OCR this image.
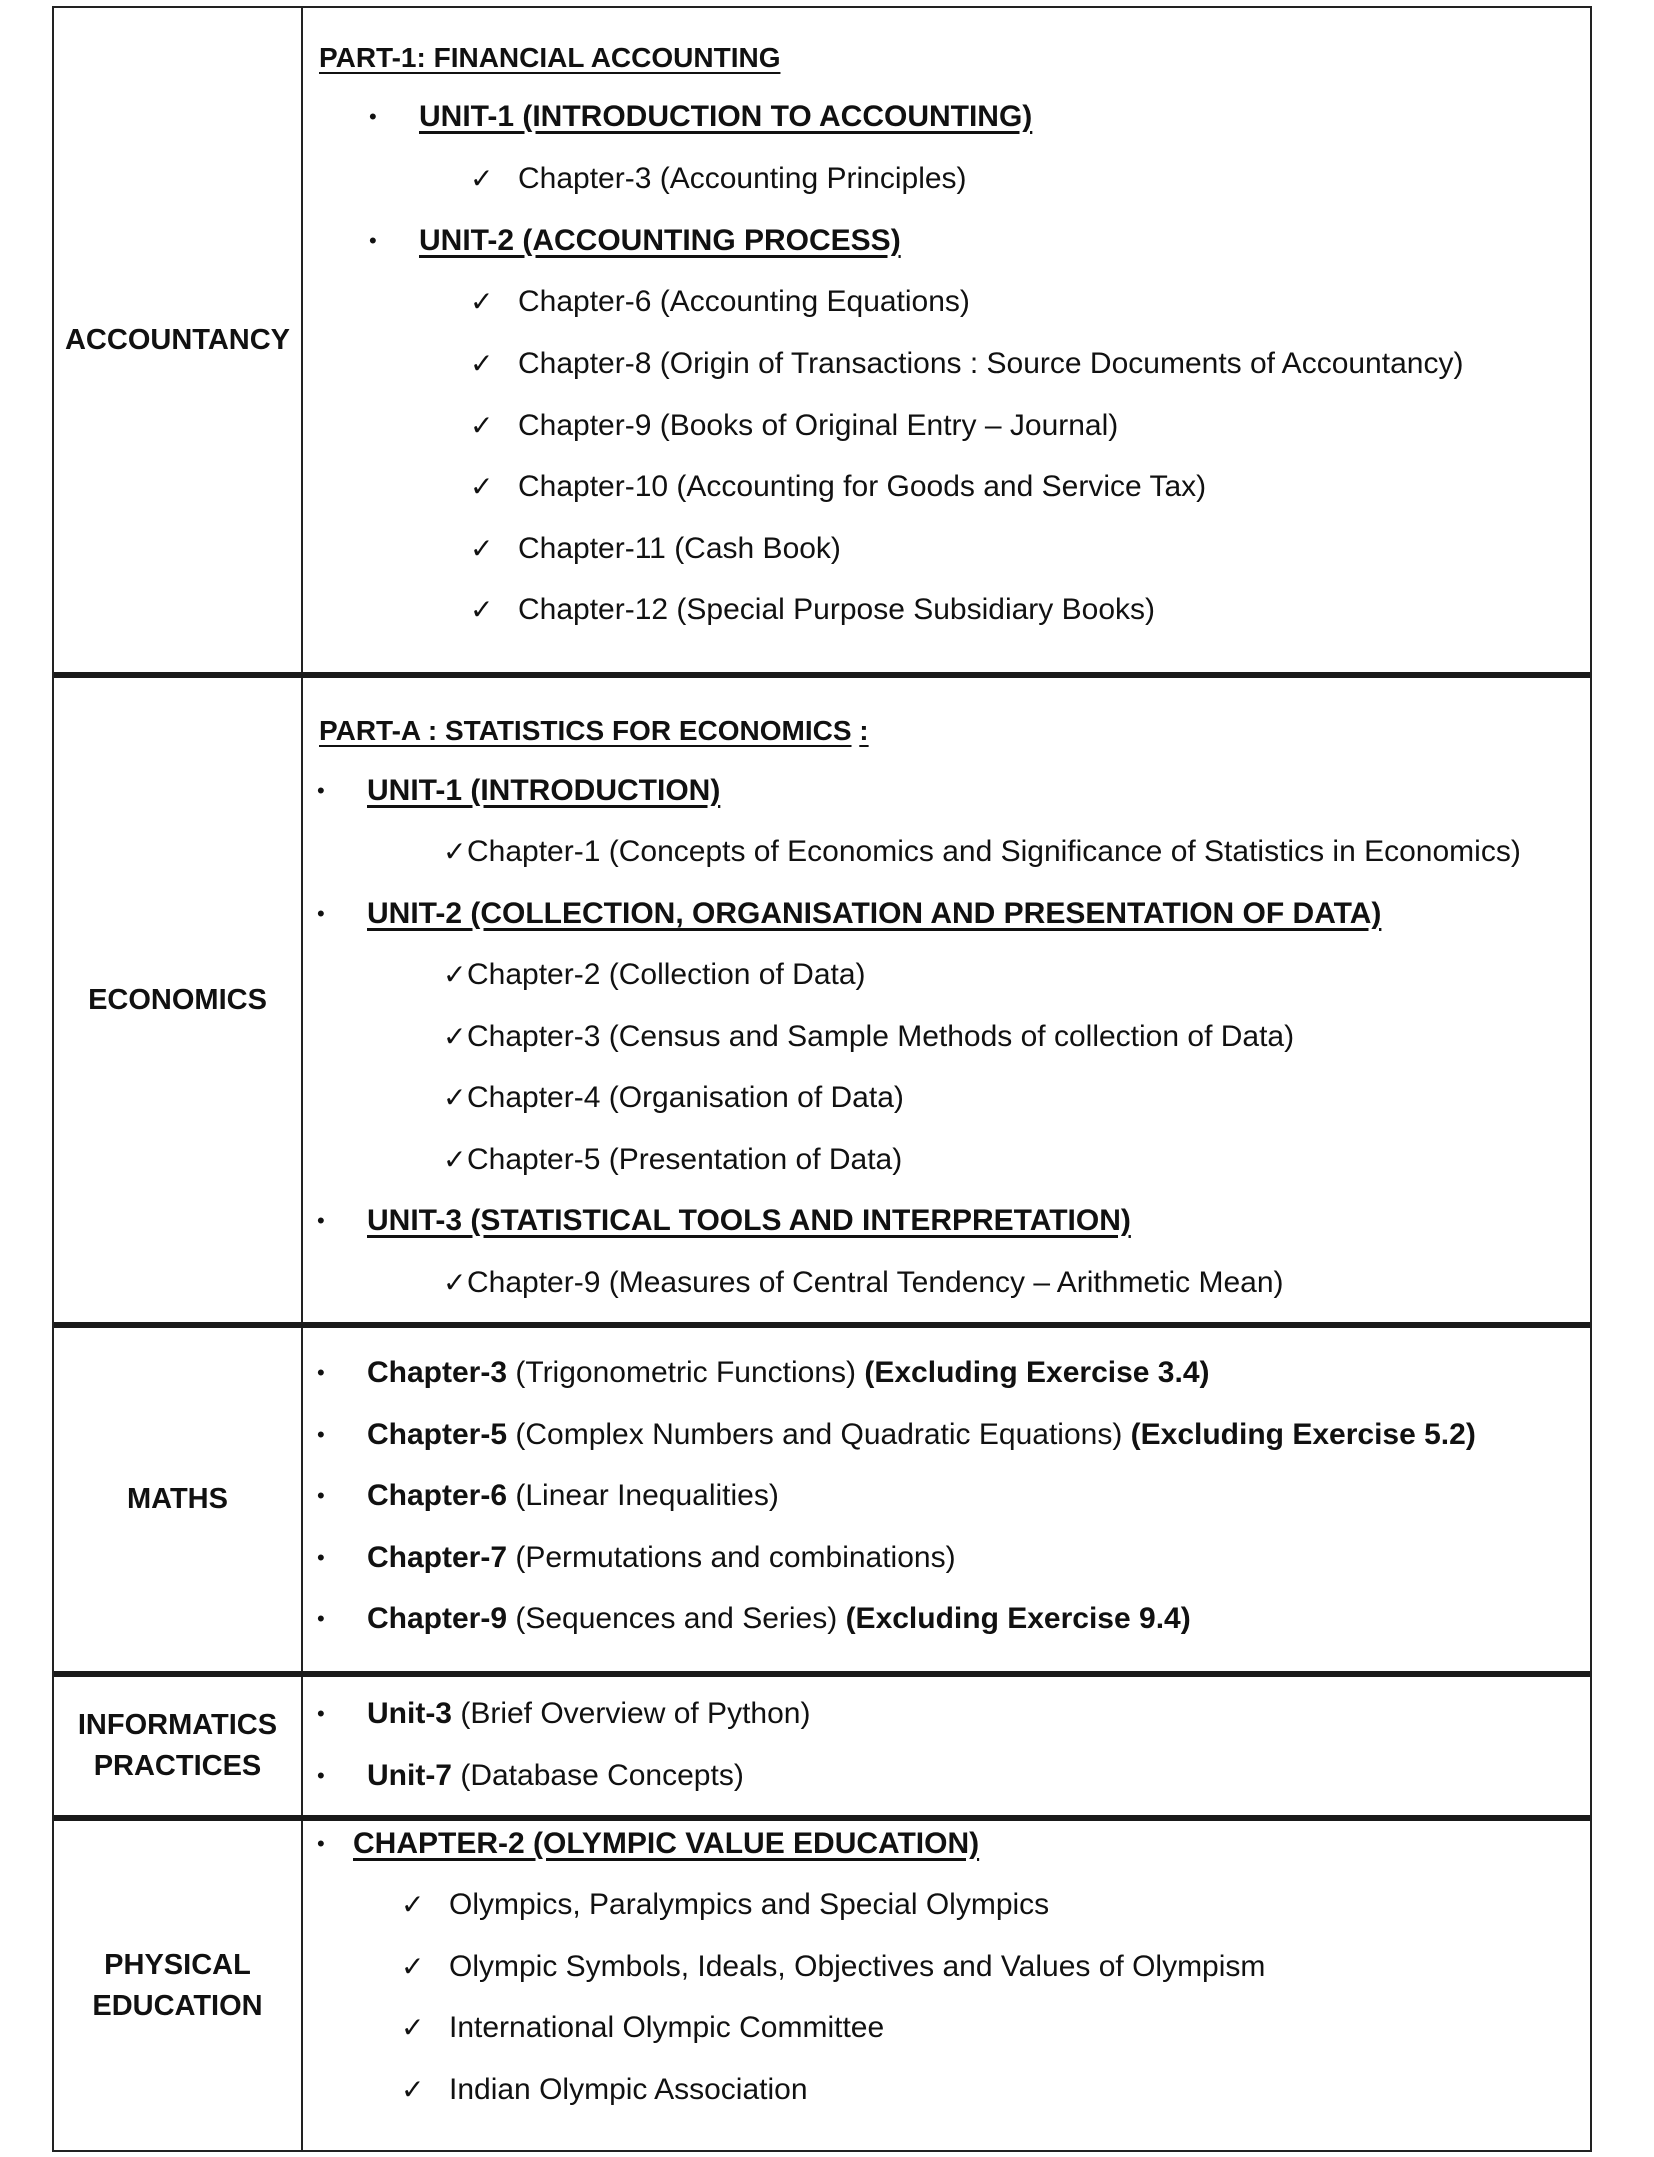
ACCOUNTANCY
PART-1: FINANCIAL ACCOUNTING
• UNIT-1 (INTRODUCTION TO ACCOUNTING)
✓ Chapter-3 (Accounting Principles)
• UNIT-2 (ACCOUNTING PROCESS)
✓ Chapter-6 (Accounting Equations)
✓ Chapter-8 (Origin of Transactions : Source Documents of Accountancy)
✓ Chapter-9 (Books of Original Entry – Journal)
✓ Chapter-10 (Accounting for Goods and Service Tax)
✓ Chapter-11 (Cash Book)
✓ Chapter-12 (Special Purpose Subsidiary Books)
ECONOMICS
PART-A : STATISTICS FOR ECONOMICS :
• UNIT-1 (INTRODUCTION)
✓Chapter-1 (Concepts of Economics and Significance of Statistics in Economics)
• UNIT-2 (COLLECTION, ORGANISATION AND PRESENTATION OF DATA)
✓Chapter-2 (Collection of Data)
✓Chapter-3 (Census and Sample Methods of collection of Data)
✓Chapter-4 (Organisation of Data)
✓Chapter-5 (Presentation of Data)
• UNIT-3 (STATISTICAL TOOLS AND INTERPRETATION)
✓Chapter-9 (Measures of Central Tendency – Arithmetic Mean)
MATHS
• Chapter-3 (Trigonometric Functions) (Excluding Exercise 3.4)
• Chapter-5 (Complex Numbers and Quadratic Equations) (Excluding Exercise 5.2)
• Chapter-6 (Linear Inequalities)
• Chapter-7 (Permutations and combinations)
• Chapter-9 (Sequences and Series) (Excluding Exercise 9.4)
INFORMATICS
PRACTICES
• Unit-3 (Brief Overview of Python)
• Unit-7 (Database Concepts)
PHYSICAL
EDUCATION
• CHAPTER-2 (OLYMPIC VALUE EDUCATION)
✓ Olympics, Paralympics and Special Olympics
✓ Olympic Symbols, Ideals, Objectives and Values of Olympism
✓ International Olympic Committee
✓ Indian Olympic Association
